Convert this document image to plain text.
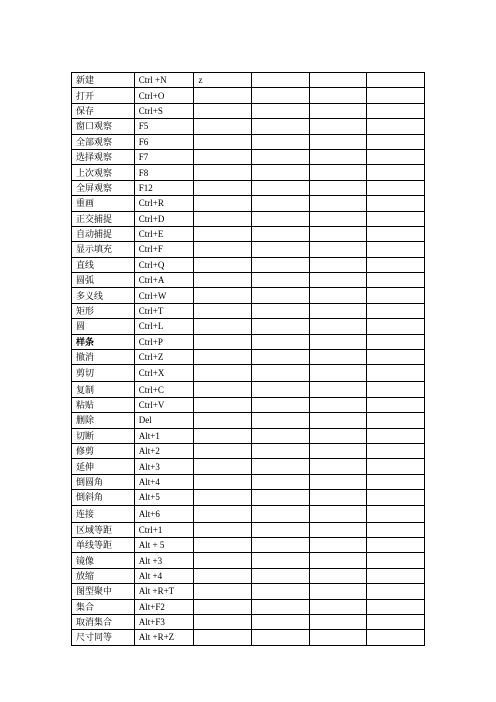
新建	Ctrl +N	z			
打开	Ctrl+O				
保存	Ctrl+S				
窗口观察	F5				
全部观察	F6				
选择观察	F7				
上次观察	F8				
全屏观察	F12				
重画	Ctrl+R				
正交捕捉	Ctrl+D				
自动捕捉	Ctrl+E				
显示填充	Ctrl+F				
直线	Ctrl+Q				
圆弧	Ctrl+A				
多义线	Ctrl+W				
矩形	Ctrl+T				
圆	Ctrl+L				
样条	Ctrl+P				
撤消	Ctrl+Z				
剪切	Ctrl+X				
复制	Ctrl+C				
粘贴	Ctrl+V				
删除	Del				
切断	Alt+1				
修剪	Alt+2				
延伸	Alt+3				
倒圆角	Alt+4				
倒斜角	Alt+5				
连接	Alt+6				
区域等距	Ctrl+1				
单线等距	Alt + 5				
镜像	Alt +3				
放缩	Alt +4				
图型聚中	Alt +R+T				
集合	Alt+F2				
取消集合	Alt+F3				
尺寸同等	Alt +R+Z				
